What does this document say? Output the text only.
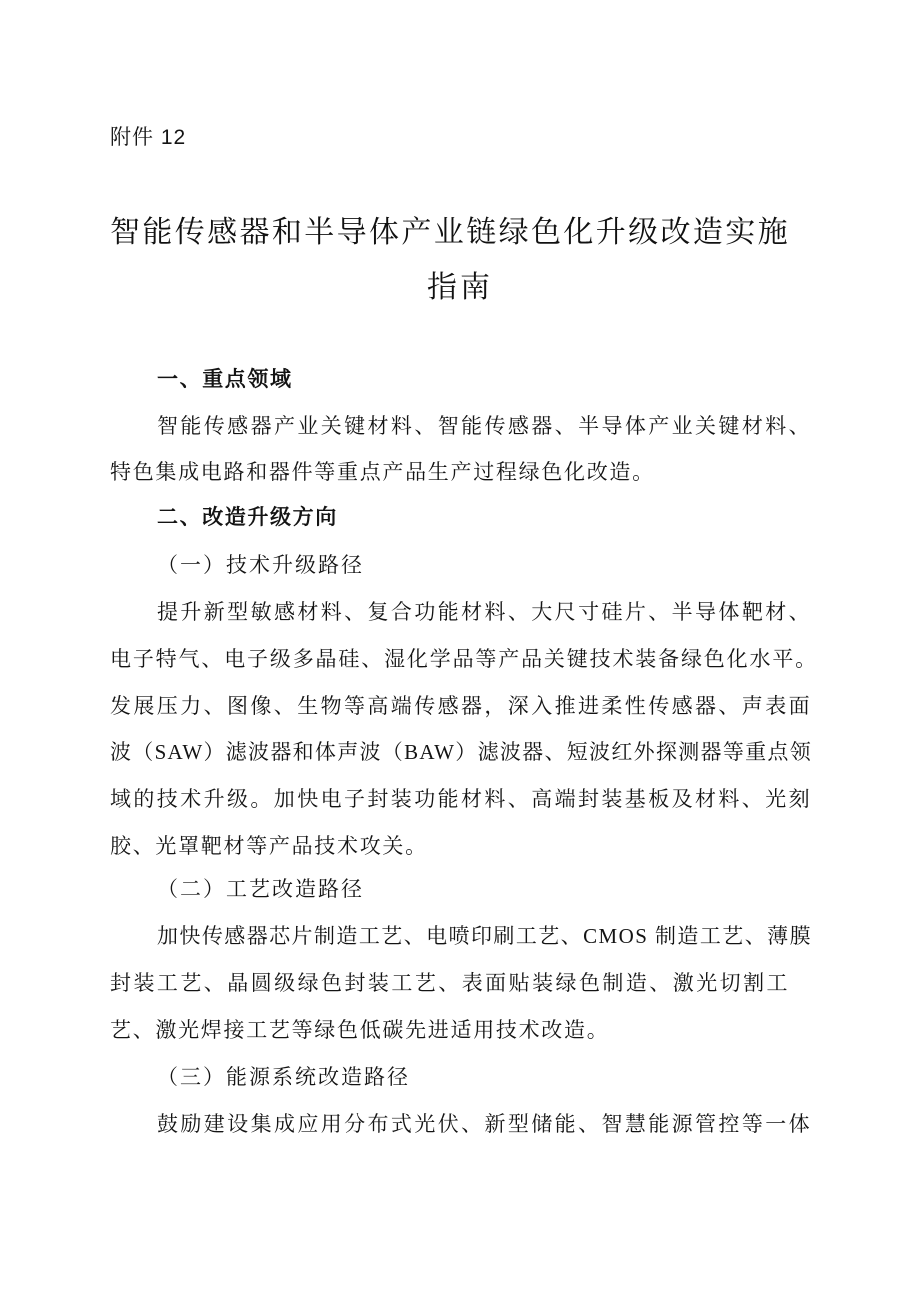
附件 12
智能传感器和半导体产业链绿色化升级改造实施
指南
一、重点领域
智能传感器产业关键材料、智能传感器、半导体产业关键材料、
特色集成电路和器件等重点产品生产过程绿色化改造。
二、改造升级方向
（一）技术升级路径
提升新型敏感材料、复合功能材料、大尺寸硅片、半导体靶材、
电子特气、电子级多晶硅、湿化学品等产品关键技术装备绿色化水平。
发展压力、图像、生物等高端传感器，深入推进柔性传感器、声表面
波（SAW）滤波器和体声波（BAW）滤波器、短波红外探测器等重点领
域的技术升级。加快电子封装功能材料、高端封装基板及材料、光刻
胶、光罩靶材等产品技术攻关。
（二）工艺改造路径
加快传感器芯片制造工艺、电喷印刷工艺、CMOS 制造工艺、薄膜
封装工艺、晶圆级绿色封装工艺、表面贴装绿色制造、激光切割工
艺、激光焊接工艺等绿色低碳先进适用技术改造。
（三）能源系统改造路径
鼓励建设集成应用分布式光伏、新型储能、智慧能源管控等一体
